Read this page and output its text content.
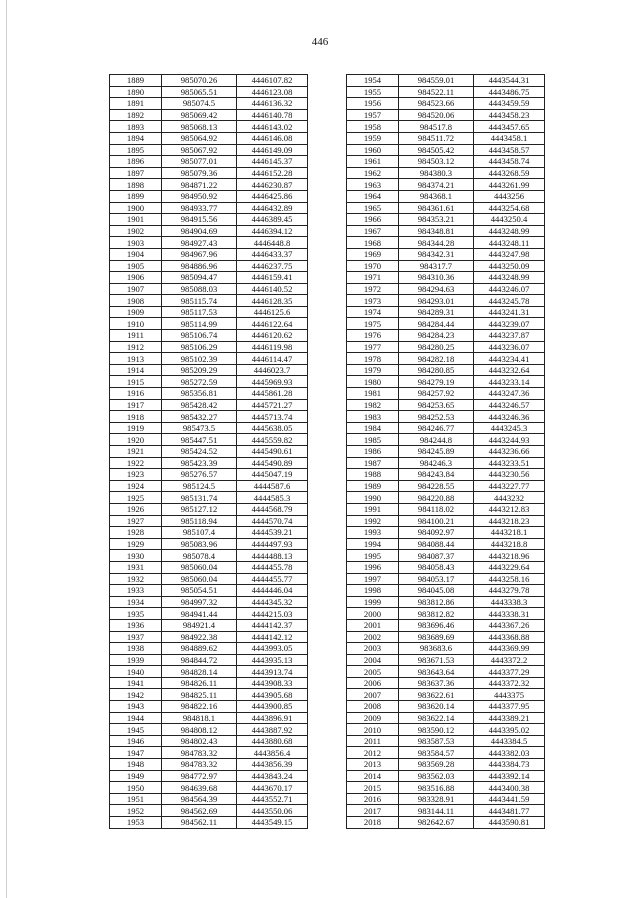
446
1889	985070.26	4446107.82
1890	985065.51	4446123.08
1891	985074.5	4446136.32
1892	985069.42	4446140.78
1893	985068.13	4446143.02
1894	985064.92	4446146.08
1895	985067.92	4446149.09
1896	985077.01	4446145.37
1897	985079.36	4446152.28
1898	984871.22	4446230.87
1899	984950.92	4446425.86
1900	984933.77	4446432.89
1901	984915.56	4446389.45
1902	984904.69	4446394.12
1903	984927.43	4446448.8
1904	984967.96	4446433.37
1905	984886.96	4446237.75
1906	985094.47	4446159.41
1907	985088.03	4446140.52
1908	985115.74	4446128.35
1909	985117.53	4446125.6
1910	985114.99	4446122.64
1911	985106.74	4446120.62
1912	985106.29	4446119.98
1913	985102.39	4446114.47
1914	985209.29	4446023.7
1915	985272.59	4445969.93
1916	985356.81	4445861.28
1917	985428.42	4445721.27
1918	985432.27	4445713.74
1919	985473.5	4445638.05
1920	985447.51	4445559.82
1921	985424.52	4445490.61
1922	985423.39	4445490.89
1923	985276.57	4445047.19
1924	985124.5	4444587.6
1925	985131.74	4444585.3
1926	985127.12	4444568.79
1927	985118.94	4444570.74
1928	985107.4	4444539.21
1929	985083.96	4444497.93
1930	985078.4	4444488.13
1931	985060.04	4444455.78
1932	985060.04	4444455.77
1933	985054.51	4444446.04
1934	984997.32	4444345.32
1935	984941.44	4444215.03
1936	984921.4	4444142.37
1937	984922.38	4444142.12
1938	984889.62	4443993.05
1939	984844.72	4443935.13
1940	984828.14	4443913.74
1941	984826.11	4443908.33
1942	984825.11	4443905.68
1943	984822.16	4443900.85
1944	984818.1	4443896.91
1945	984808.12	4443887.92
1946	984802.43	4443880.68
1947	984783.32	4443856.4
1948	984783.32	4443856.39
1949	984772.97	4443843.24
1950	984639.68	4443670.17
1951	984564.39	4443552.71
1952	984562.69	4443550.06
1953	984562.11	4443549.15
1954	984559.01	4443544.31
1955	984522.11	4443486.75
1956	984523.66	4443459.59
1957	984520.06	4443458.23
1958	984517.8	4443457.65
1959	984511.72	4443458.1
1960	984505.42	4443458.57
1961	984503.12	4443458.74
1962	984380.3	4443268.59
1963	984374.21	4443261.99
1964	984368.1	4443256
1965	984361.61	4443254.68
1966	984353.21	4443250.4
1967	984348.81	4443248.99
1968	984344.28	4443248.11
1969	984342.31	4443247.98
1970	984317.7	4443250.09
1971	984310.36	4443248.99
1972	984294.63	4443246.07
1973	984293.01	4443245.78
1974	984289.31	4443241.31
1975	984284.44	4443239.07
1976	984284.23	4443237.87
1977	984280.25	4443236.07
1978	984282.18	4443234.41
1979	984280.85	4443232.64
1980	984279.19	4443233.14
1981	984257.92	4443247.36
1982	984253.65	4443246.57
1983	984252.53	4443246.36
1984	984246.77	4443245.3
1985	984244.8	4443244.93
1986	984245.89	4443236.66
1987	984246.3	4443233.51
1988	984243.84	4443230.56
1989	984228.55	4443227.77
1990	984220.88	4443232
1991	984118.02	4443212.83
1992	984100.21	4443218.23
1993	984092.97	4443218.1
1994	984088.44	4443218.8
1995	984087.37	4443218.96
1996	984058.43	4443229.64
1997	984053.17	4443258.16
1998	984045.08	4443279.78
1999	983812.86	4443338.3
2000	983812.82	4443338.31
2001	983696.46	4443367.26
2002	983689.69	4443368.88
2003	983683.6	4443369.99
2004	983671.53	4443372.2
2005	983643.64	4443377.29
2006	983637.36	4443372.32
2007	983622.61	4443375
2008	983620.14	4443377.95
2009	983622.14	4443389.21
2010	983590.12	4443395.02
2011	983587.53	4443384.5
2012	983584.57	4443382.03
2013	983569.28	4443384.73
2014	983562.03	4443392.14
2015	983516.88	4443400.38
2016	983328.91	4443441.59
2017	983144.11	4443481.77
2018	982642.67	4443590.81
